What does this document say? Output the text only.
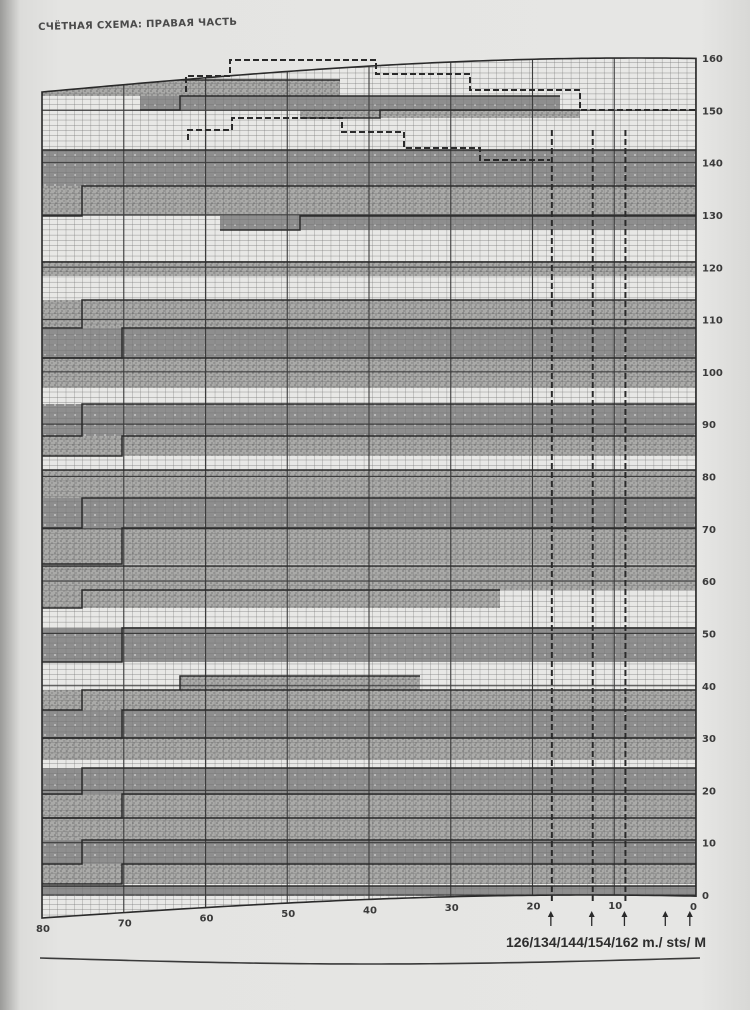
СЧЁТНАЯ СХЕМА: ПРАВАЯ ЧАСТЬ
160
150
140
130
120
110
100
90
80
70
60
50
40
30
20
10
0
80	70	60	50	40	30	20	10	0
126/134/144/154/162 m./ sts/ M
